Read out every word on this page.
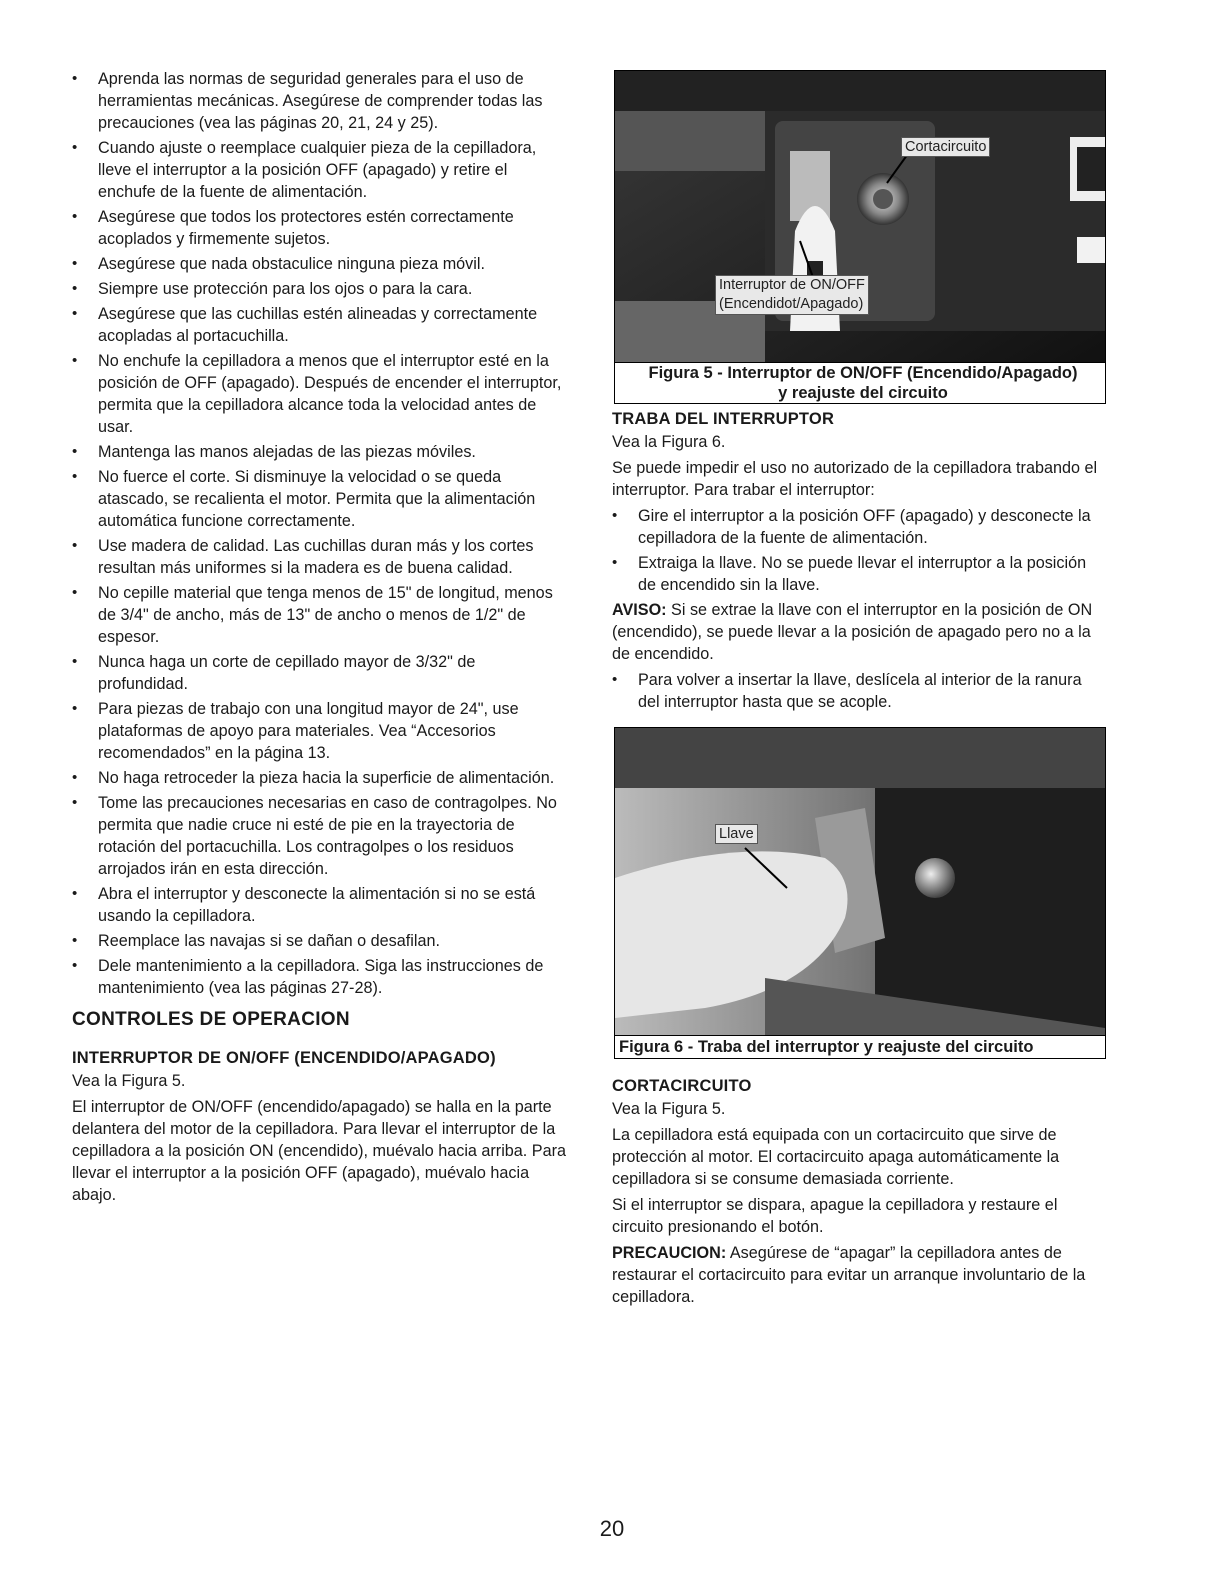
• Aprenda las normas de seguridad generales para el uso de herramientas mecánicas. Asegúrese de comprender todas las precauciones (vea las páginas 20, 21, 24 y 25).
• Cuando ajuste o reemplace cualquier pieza de la cepilladora, lleve el interruptor a la posición OFF (apagado) y retire el enchufe de la fuente de alimentación.
• Asegúrese que todos los protectores estén correctamente acoplados y firmemente sujetos.
• Asegúrese que nada obstaculice ninguna pieza móvil.
• Siempre use protección para los ojos o para la cara.
• Asegúrese que las cuchillas estén alineadas y correctamente acopladas al portacuchilla.
• No enchufe la cepilladora a menos que el interruptor esté en la posición de OFF (apagado). Después de encender el interruptor, permita que la cepilladora alcance toda la velocidad antes de usar.
• Mantenga las manos alejadas de las piezas móviles.
• No fuerce el corte. Si disminuye la velocidad o se queda atascado, se recalienta el motor. Permita que la alimentación automática funcione correctamente.
• Use madera de calidad. Las cuchillas duran más y los cortes resultan más uniformes si la madera es de buena calidad.
• No cepille material que tenga menos de 15" de longitud, menos de 3/4" de ancho, más de 13" de ancho o menos de 1/2" de espesor.
• Nunca haga un corte de cepillado mayor de 3/32" de profundidad.
• Para piezas de trabajo con una longitud mayor de 24", use plataformas de apoyo para materiales. Vea “Accesorios recomendados” en la página 13.
• No haga retroceder la pieza hacia la superficie de alimentación.
• Tome las precauciones necesarias en caso de contragolpes. No permita que nadie cruce ni esté de pie en la trayectoria de rotación del portacuchilla. Los contragolpes o los residuos arrojados irán en esta dirección.
• Abra el interruptor y desconecte la alimentación si no se está usando la cepilladora.
• Reemplace las navajas si se dañan o desafilan.
• Dele mantenimiento a la cepilladora. Siga las instrucciones de mantenimiento (vea las páginas 27-28).
CONTROLES DE OPERACION
INTERRUPTOR DE ON/OFF (ENCENDIDO/APAGADO)

Vea la Figura 5.

El interruptor de ON/OFF (encendido/apagado) se halla en la parte delantera del motor de la cepilladora. Para llevar el interruptor de la cepilladora a la posición ON (encendido), muévalo hacia arriba. Para llevar el interruptor a la posición OFF (apagado), muévalo hacia abajo.

Cortacircuito
Interruptor de ON/OFF
(Encendidot/Apagado)
Figura 5 - Interruptor de ON/OFF (Encendido/Apagado)
y reajuste del circuito
TRABA DEL INTERRUPTOR

Vea la Figura 6.

Se puede impedir el uso no autorizado de la cepilladora trabando el interruptor. Para trabar el interruptor:

• Gire el interruptor a la posición OFF (apagado) y desconecte la cepilladora de la fuente de alimentación.
• Extraiga la llave. No se puede llevar el interruptor a la posición de encendido sin la llave.

AVISO: Si se extrae la llave con el interruptor en la posición de ON (encendido), se puede llevar a la posición de apagado pero no a la de encendido.

• Para volver a insertar la llave, deslícela al interior de la ranura del interruptor hasta que se acople.
Llave
Figura 6 - Traba del interruptor y reajuste del circuito
CORTACIRCUITO

Vea la Figura 5.

La cepilladora está equipada con un cortacircuito que sirve de protección al motor. El cortacircuito apaga automáticamente la cepilladora si se consume demasiada corriente.

Si el interruptor se dispara, apague la cepilladora y restaure el circuito presionando el botón.

PRECAUCION: Asegúrese de “apagar” la cepilladora antes de restaurar el cortacircuito para evitar un arranque involuntario de la cepilladora.

20
